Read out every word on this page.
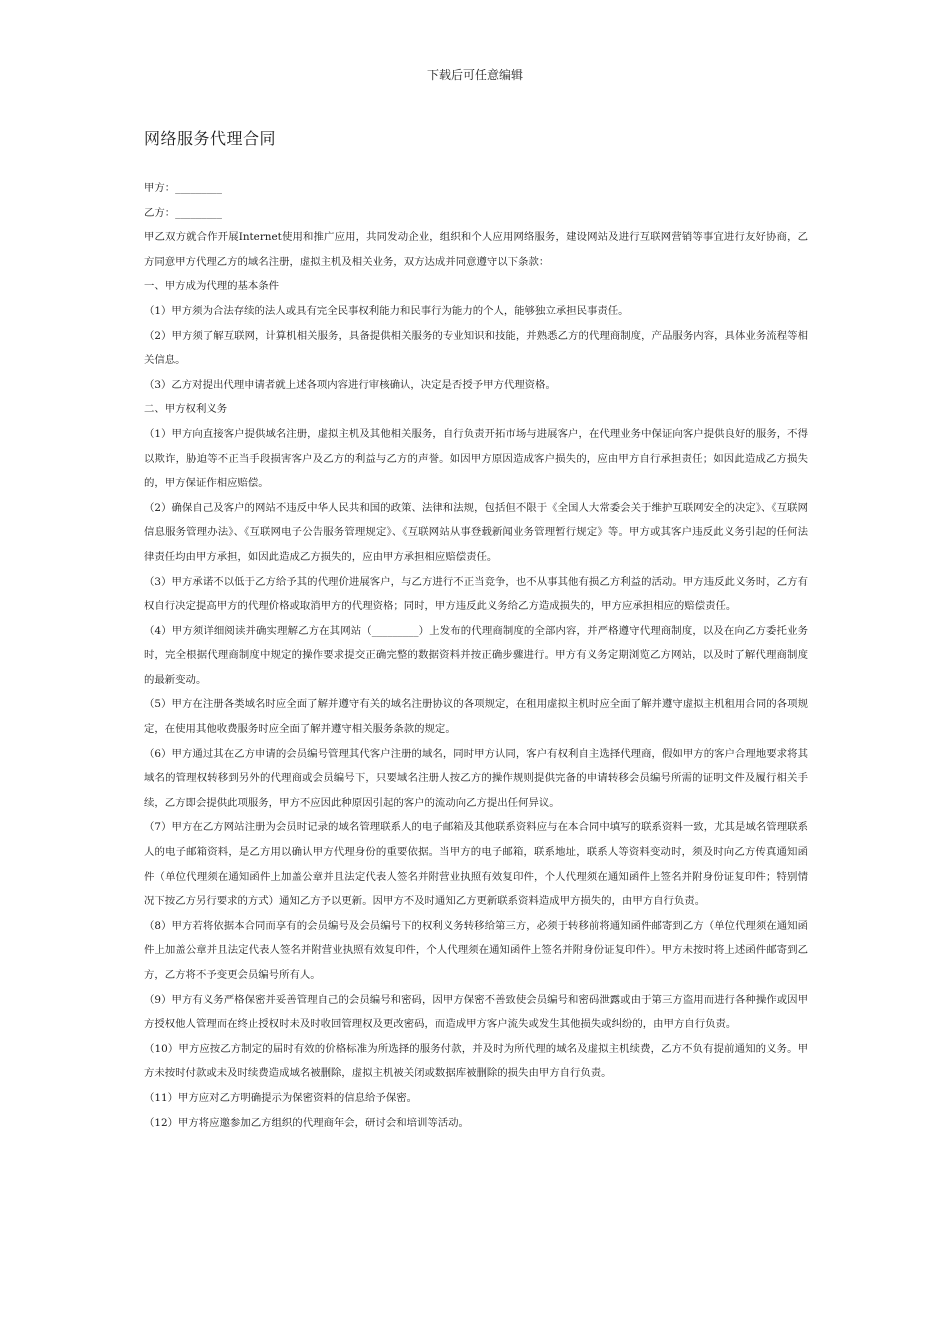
下载后可任意编辑
网络服务代理合同

甲方：_________

乙方：_________

甲乙双方就合作开展Internet使用和推广应用，共同发动企业，组织和个人应用网络服务，建设网站及进行互联网营销等事宜进行友好协商，乙方同意甲方代理乙方的域名注册，虚拟主机及相关业务，双方达成并同意遵守以下条款：

一、甲方成为代理的基本条件

（1）甲方须为合法存续的法人或具有完全民事权利能力和民事行为能力的个人，能够独立承担民事责任。

（2）甲方须了解互联网，计算机相关服务，具备提供相关服务的专业知识和技能，并熟悉乙方的代理商制度，产品服务内容，具体业务流程等相关信息。

（3）乙方对提出代理申请者就上述各项内容进行审核确认，决定是否授予甲方代理资格。

二、甲方权利义务

（1）甲方向直接客户提供域名注册，虚拟主机及其他相关服务，自行负责开拓市场与进展客户，在代理业务中保证向客户提供良好的服务，不得以欺诈，胁迫等不正当手段损害客户及乙方的利益与乙方的声誉。如因甲方原因造成客户损失的，应由甲方自行承担责任；如因此造成乙方损失的，甲方保证作相应赔偿。

（2）确保自己及客户的网站不违反中华人民共和国的政策、法律和法规，包括但不限于《全国人大常委会关于维护互联网安全的决定》、《互联网信息服务管理办法》、《互联网电子公告服务管理规定》、《互联网站从事登载新闻业务管理暂行规定》等。甲方或其客户违反此义务引起的任何法律责任均由甲方承担，如因此造成乙方损失的，应由甲方承担相应赔偿责任。

（3）甲方承诺不以低于乙方给予其的代理价进展客户，与乙方进行不正当竞争，也不从事其他有损乙方利益的活动。甲方违反此义务时，乙方有权自行决定提高甲方的代理价格或取消甲方的代理资格；同时，甲方违反此义务给乙方造成损失的，甲方应承担相应的赔偿责任。

（4）甲方须详细阅读并确实理解乙方在其网站（_________）上发布的代理商制度的全部内容，并严格遵守代理商制度，以及在向乙方委托业务时，完全根据代理商制度中规定的操作要求提交正确完整的数据资料并按正确步骤进行。甲方有义务定期浏览乙方网站，以及时了解代理商制度的最新变动。

（5）甲方在注册各类域名时应全面了解并遵守有关的域名注册协议的各项规定，在租用虚拟主机时应全面了解并遵守虚拟主机租用合同的各项规定，在使用其他收费服务时应全面了解并遵守相关服务条款的规定。

（6）甲方通过其在乙方申请的会员编号管理其代客户注册的域名，同时甲方认同，客户有权利自主选择代理商，假如甲方的客户合理地要求将其域名的管理权转移到另外的代理商或会员编号下，只要域名注册人按乙方的操作规则提供完备的申请转移会员编号所需的证明文件及履行相关手续，乙方即会提供此项服务，甲方不应因此种原因引起的客户的流动向乙方提出任何异议。

（7）甲方在乙方网站注册为会员时记录的域名管理联系人的电子邮箱及其他联系资料应与在本合同中填写的联系资料一致，尤其是域名管理联系人的电子邮箱资料，是乙方用以确认甲方代理身份的重要依据。当甲方的电子邮箱，联系地址，联系人等资料变动时，须及时向乙方传真通知函件（单位代理须在通知函件上加盖公章并且法定代表人签名并附营业执照有效复印件，个人代理须在通知函件上签名并附身份证复印件；特别情况下按乙方另行要求的方式）通知乙方予以更新。因甲方不及时通知乙方更新联系资料造成甲方损失的，由甲方自行负责。

（8）甲方若将依据本合同而享有的会员编号及会员编号下的权利义务转移给第三方，必须于转移前将通知函件邮寄到乙方（单位代理须在通知函件上加盖公章并且法定代表人签名并附营业执照有效复印件，个人代理须在通知函件上签名并附身份证复印件）。甲方未按时将上述函件邮寄到乙方，乙方将不予变更会员编号所有人。

（9）甲方有义务严格保密并妥善管理自己的会员编号和密码，因甲方保密不善致使会员编号和密码泄露或由于第三方盗用而进行各种操作或因甲方授权他人管理而在终止授权时未及时收回管理权及更改密码，而造成甲方客户流失或发生其他损失或纠纷的，由甲方自行负责。

（10）甲方应按乙方制定的届时有效的价格标准为所选择的服务付款，并及时为所代理的域名及虚拟主机续费，乙方不负有提前通知的义务。甲方未按时付款或未及时续费造成域名被删除，虚拟主机被关闭或数据库被删除的损失由甲方自行负责。

（11）甲方应对乙方明确提示为保密资料的信息给予保密。

（12）甲方将应邀参加乙方组织的代理商年会，研讨会和培训等活动。
